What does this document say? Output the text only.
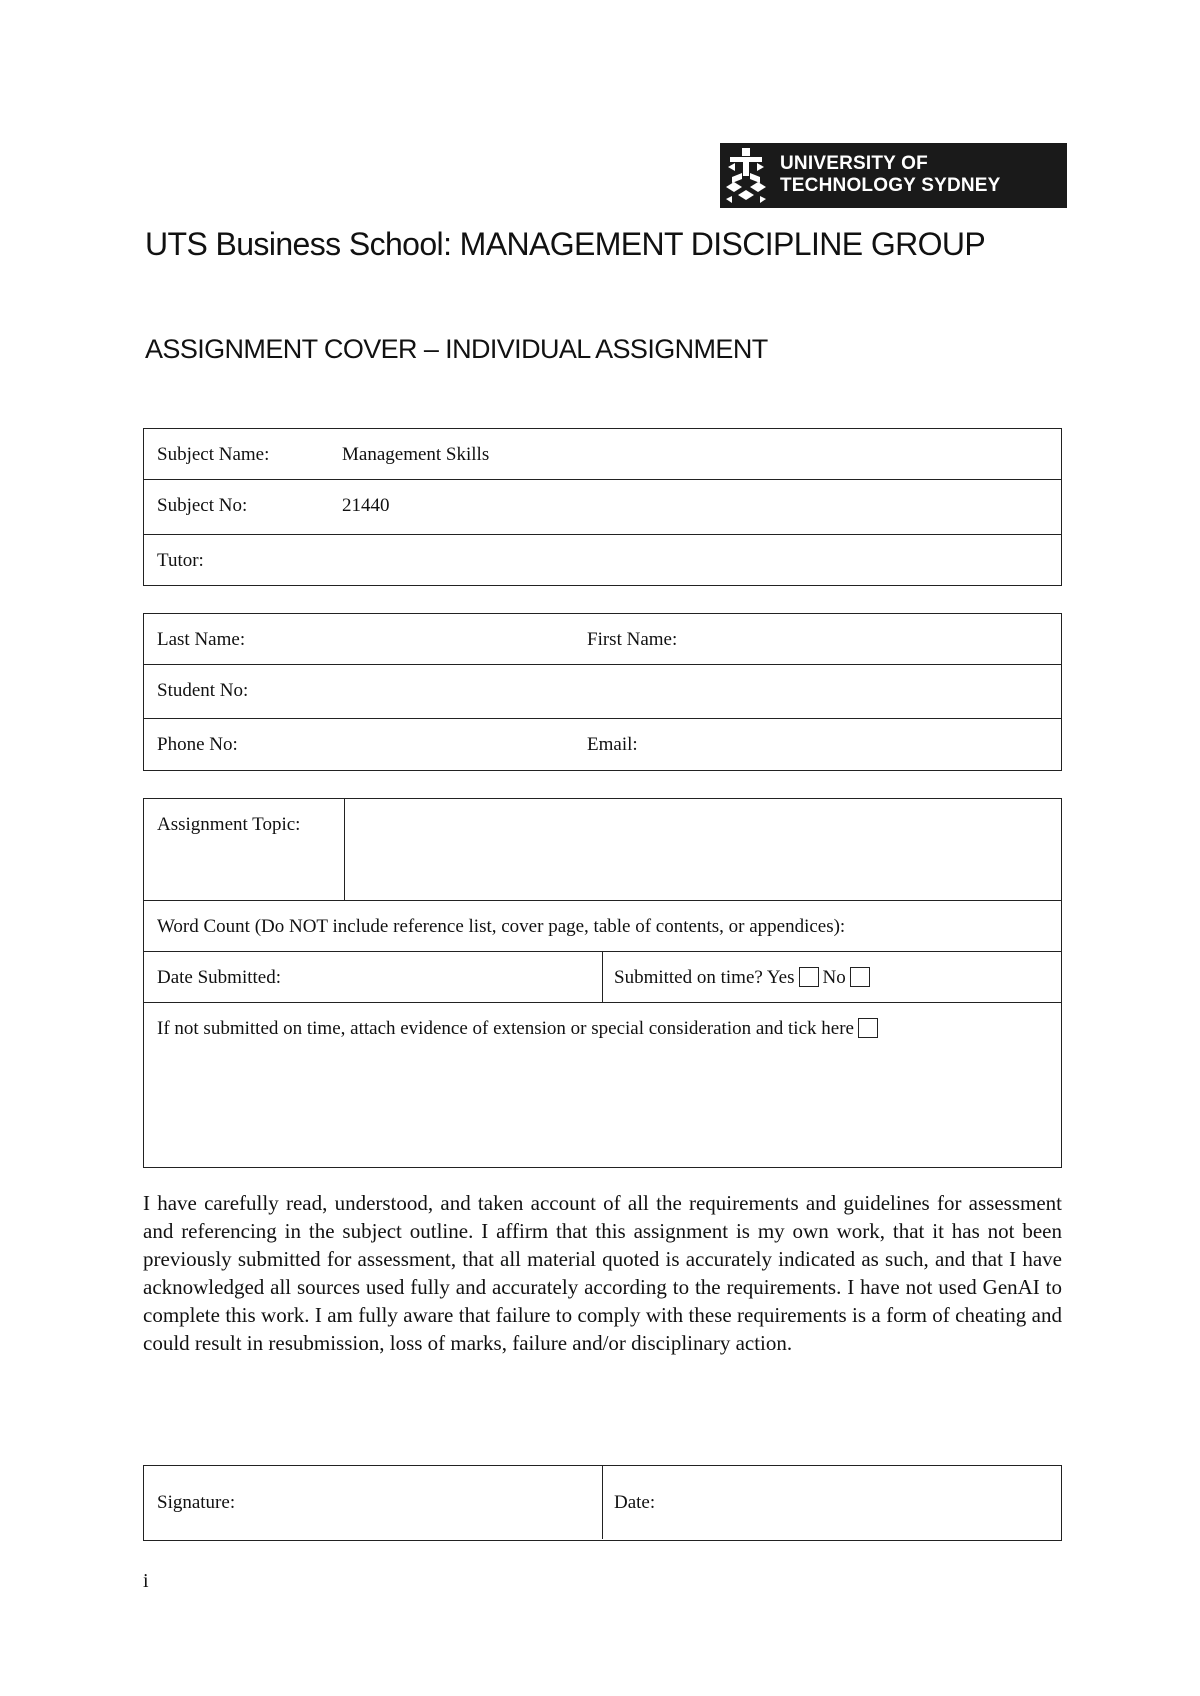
UNIVERSITY OF
TECHNOLOGY SYDNEY
UTS Business School: MANAGEMENT DISCIPLINE GROUP
ASSIGNMENT COVER – INDIVIDUAL ASSIGNMENT
Subject Name:	Management Skills
Subject No:	21440
Tutor:
Last Name:	First Name:
Student No:
Phone No:	Email:
Assignment Topic:
Word Count (Do NOT include reference list, cover page, table of contents, or appendices):
Date Submitted:	Submitted on time? Yes No
If not submitted on time, attach evidence of extension or special consideration and tick here
I have carefully read, understood, and taken account of all the requirements and guidelines for assessment and referencing in the subject outline. I affirm that this assignment is my own work, that it has not been previously submitted for assessment, that all material quoted is accurately indicated as such, and that I have acknowledged all sources used fully and accurately according to the requirements. I have not used GenAI to complete this work. I am fully aware that failure to comply with these requirements is a form of cheating and could result in resubmission, loss of marks, failure and/or disciplinary action.
Signature:	Date:
i
